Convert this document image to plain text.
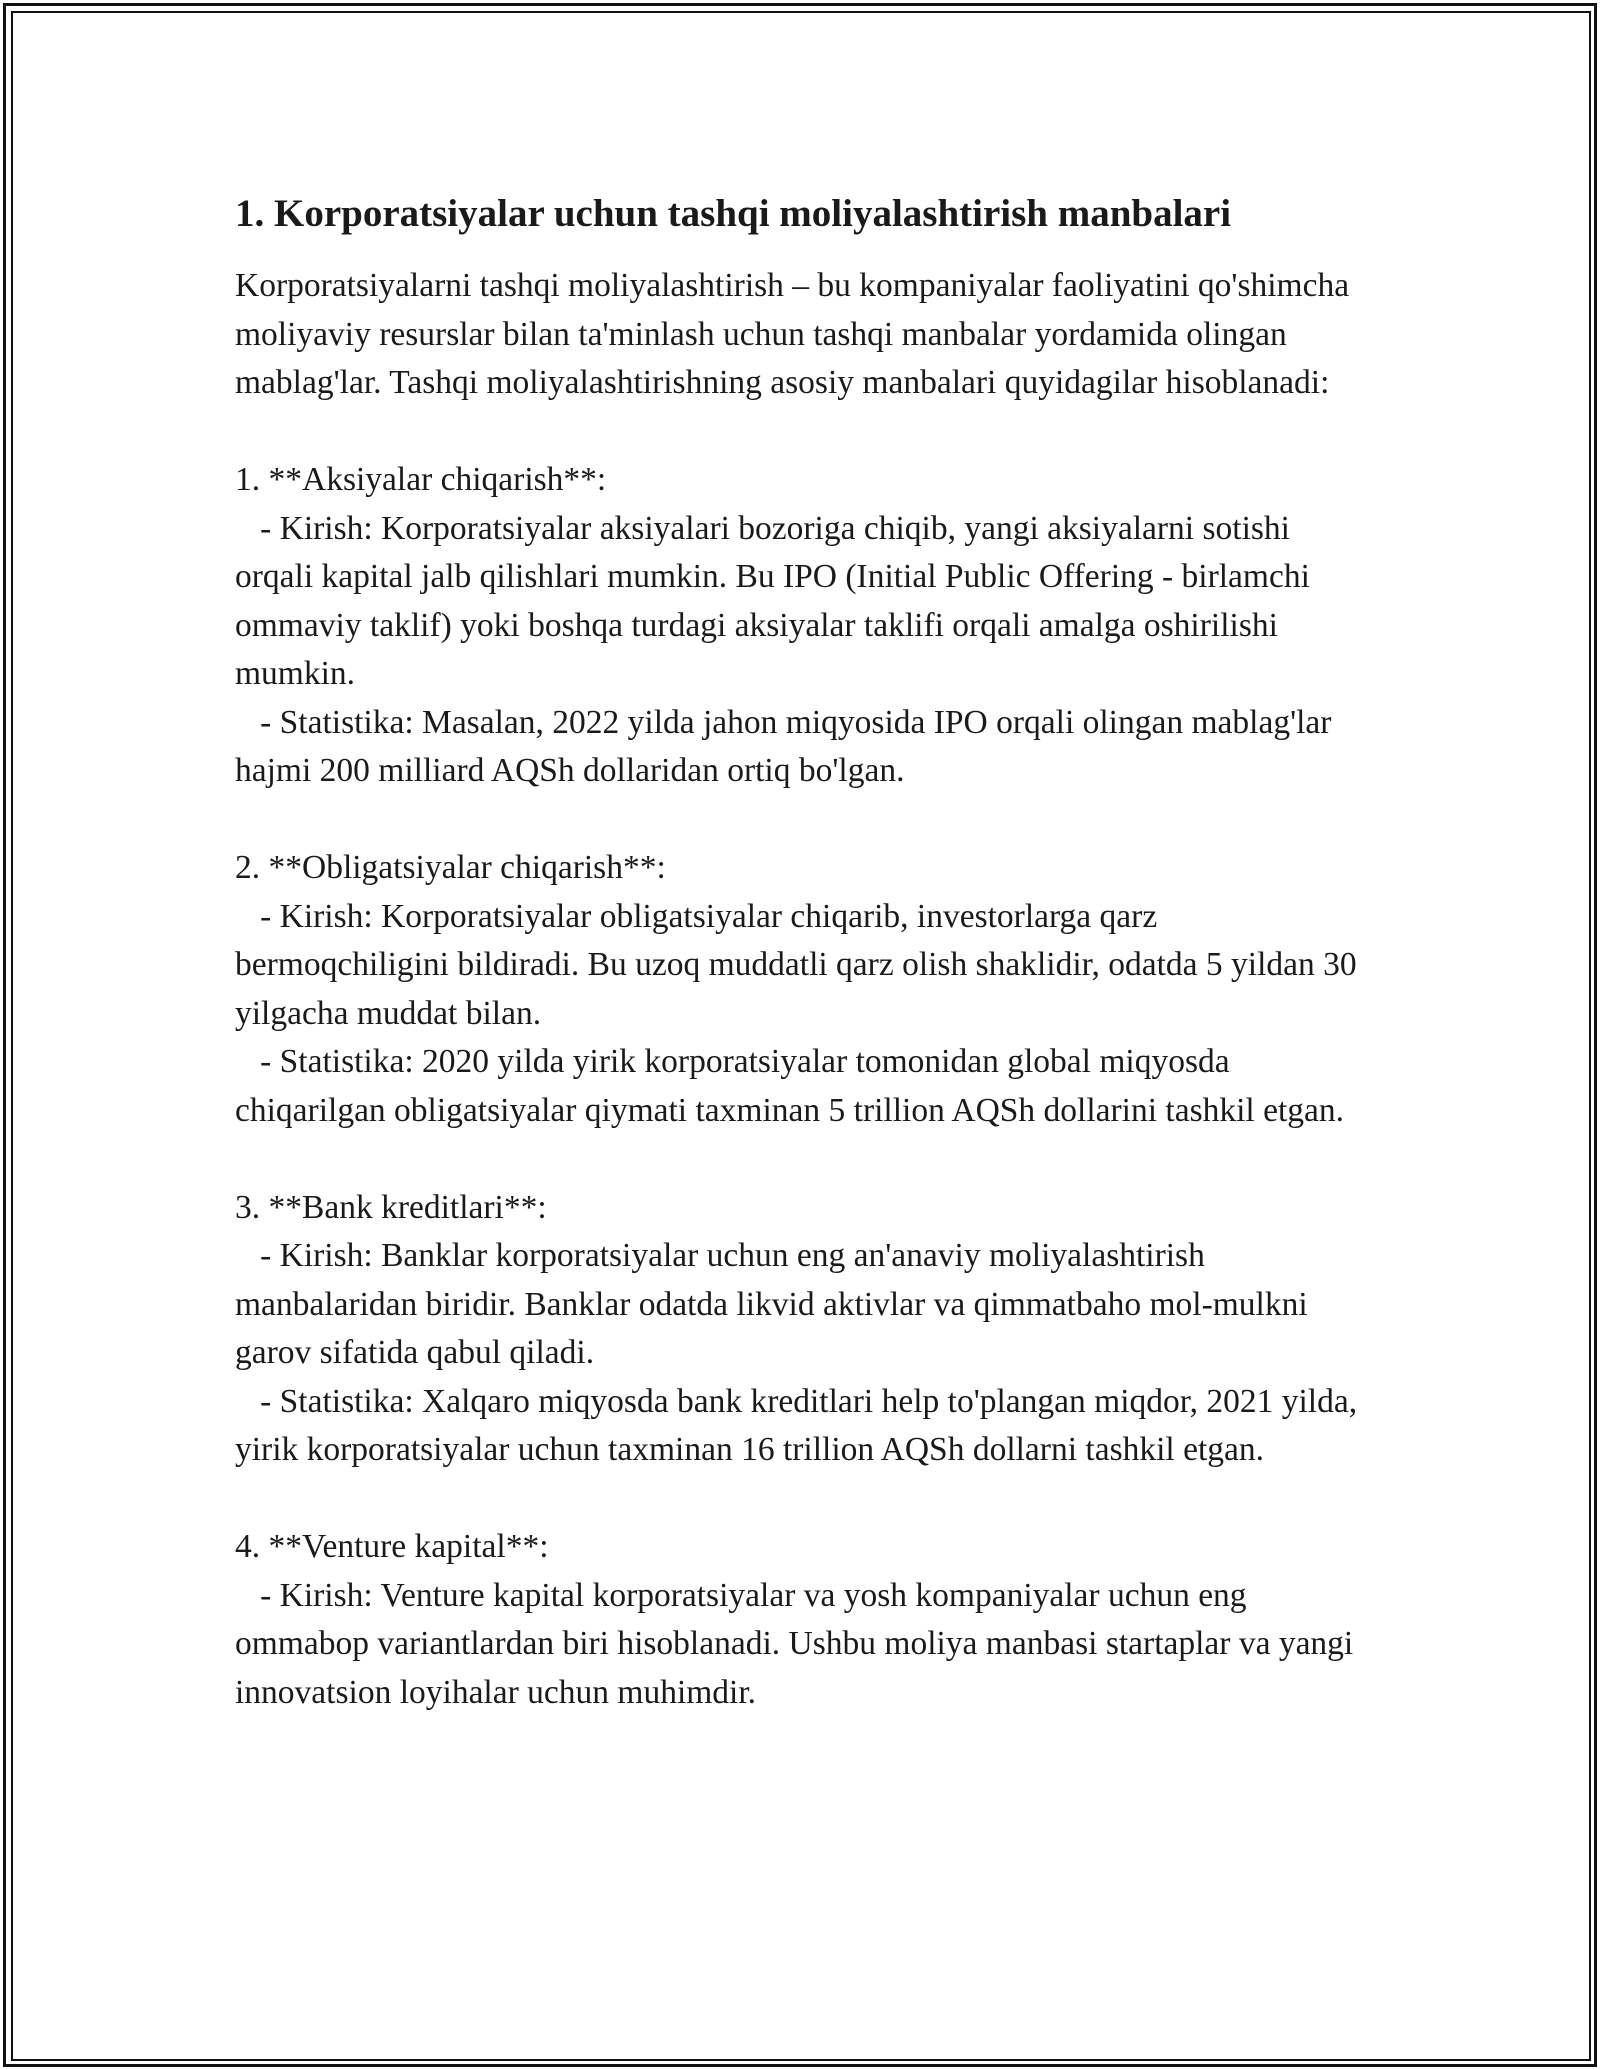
1. Korporatsiyalar uchun tashqi moliyalashtirish manbalari

Korporatsiyalarni tashqi moliyalashtirish – bu kompaniyalar faoliyatini qo'shimcha moliyaviy resurslar bilan ta'minlash uchun tashqi manbalar yordamida olingan mablag'lar. Tashqi moliyalashtirishning asosiy manbalari quyidagilar hisoblanadi:

1. **Aksiyalar chiqarish**:

- Kirish: Korporatsiyalar aksiyalari bozoriga chiqib, yangi aksiyalarni sotishi orqali kapital jalb qilishlari mumkin. Bu IPO (Initial Public Offering - birlamchi ommaviy taklif) yoki boshqa turdagi aksiyalar taklifi orqali amalga oshirilishi mumkin.

- Statistika: Masalan, 2022 yilda jahon miqyosida IPO orqali olingan mablag'lar hajmi 200 milliard AQSh dollaridan ortiq bo'lgan.

2. **Obligatsiyalar chiqarish**:

- Kirish: Korporatsiyalar obligatsiyalar chiqarib, investorlarga qarz bermoqchiligini bildiradi. Bu uzoq muddatli qarz olish shaklidir, odatda 5 yildan 30 yilgacha muddat bilan.

- Statistika: 2020 yilda yirik korporatsiyalar tomonidan global miqyosda chiqarilgan obligatsiyalar qiymati taxminan 5 trillion AQSh dollarini tashkil etgan.

3. **Bank kreditlari**:

- Kirish: Banklar korporatsiyalar uchun eng an'anaviy moliyalashtirish manbalaridan biridir. Banklar odatda likvid aktivlar va qimmatbaho mol-mulkni garov sifatida qabul qiladi.

- Statistika: Xalqaro miqyosda bank kreditlari help to'plangan miqdor, 2021 yilda, yirik korporatsiyalar uchun taxminan 16 trillion AQSh dollarni tashkil etgan.

4. **Venture kapital**:

- Kirish: Venture kapital korporatsiyalar va yosh kompaniyalar uchun eng ommabop variantlardan biri hisoblanadi. Ushbu moliya manbasi startaplar va yangi innovatsion loyihalar uchun muhimdir.
